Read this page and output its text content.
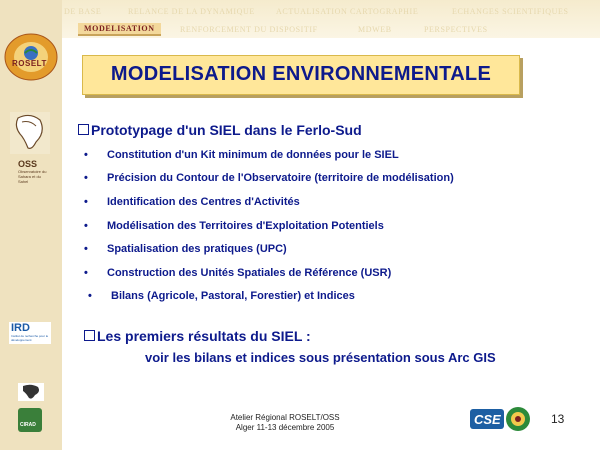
DE BASE	RELANCE DE LA DYNAMIQUE	ACTUALISATION CARTOGRAPHIE	ECHANGES SCIENTIFIQUES
MODELISATION	RENFORCEMENT DU DISPOSITIF	MDWEB	PERSPECTIVES
ROSELT
OSS
Observatoire du Sahara et du Sahel
IRD
Institut de recherche pour le développement
CIRAD
MODELISATION ENVIRONNEMENTALE
Prototypage d'un SIEL dans le Ferlo-Sud
• Constitution d'un Kit minimum de données pour le SIEL
• Précision du Contour de l'Observatoire (territoire de modélisation)
• Identification des Centres d'Activités
• Modélisation des Territoires d'Exploitation Potentiels
• Spatialisation des pratiques (UPC)
• Construction des Unités Spatiales de Référence (USR)
• Bilans (Agricole, Pastoral, Forestier) et Indices
Les premiers résultats du SIEL :
voir les bilans et indices sous présentation sous Arc GIS
Atelier Régional ROSELT/OSS
Alger 11-13 décembre 2005
CSE	13
